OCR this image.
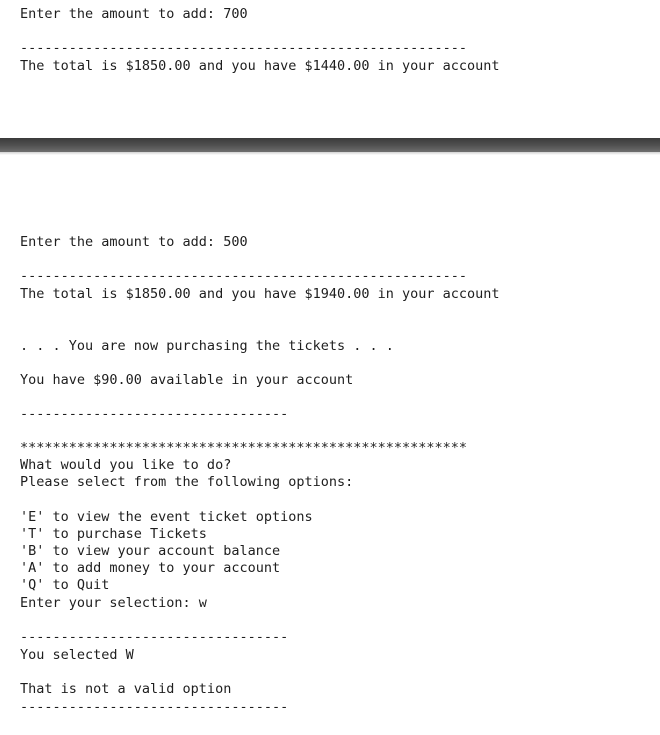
Enter the amount to add: 700

-------------------------------------------------------

The total is $1850.00 and you have $1440.00 in your account

Enter the amount to add: 500

-------------------------------------------------------

The total is $1850.00 and you have $1940.00 in your account

. . . You are now purchasing the tickets . . .

You have $90.00 available in your account

---------------------------------

*******************************************************

What would you like to do?

Please select from the following options:

'E' to view the event ticket options

'T' to purchase Tickets

'B' to view your account balance

'A' to add money to your account

'Q' to Quit

Enter your selection: w

---------------------------------

You selected W

That is not a valid option

---------------------------------
